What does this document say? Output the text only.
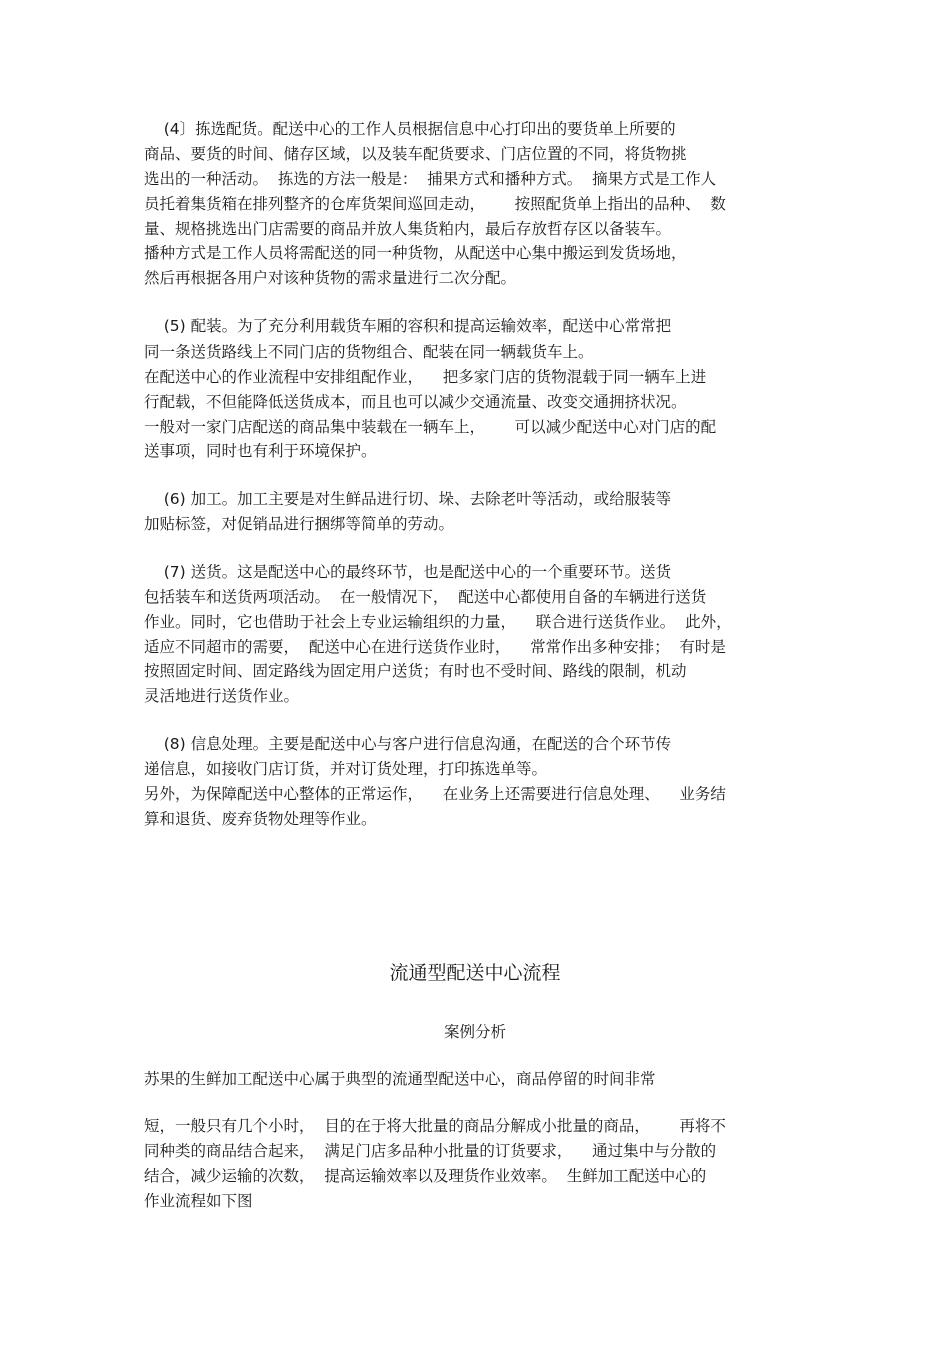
(4〕拣选配货。配送中心的工作人员根据信息中心打印出的要货单上所要的
商品、要货的时间、储存区域，以及装车配货要求、门店位置的不同，将货物挑
选出的一种活动。  拣选的方法一般是：  捕果方式和播种方式。  摘果方式是工作人
员托着集货箱在排列整齐的仓库货架间巡回走动，      按照配货单上指出的品种、  数
量、规格挑选出门店需要的商品并放人集货粕内，最后存放哲存区以备装车。
播种方式是工作人员将需配送的同一种货物，从配送中心集中搬运到发货场地，
然后再根据各用户对该种货物的需求量进行二次分配。
(5) 配装。为了充分利用载货车厢的容积和提高运输效率，配送中心常常把
同一条送货路线上不同门店的货物组合、配装在同一辆载货车上。
在配送中心的作业流程中安排组配作业，    把多家门店的货物混载于同一辆车上进
行配载，不但能降低送货成本，而且也可以减少交通流量、改变交通拥挤状况。
一般对一家门店配送的商品集中装载在一辆车上，      可以减少配送中心对门店的配
送事项，同时也有利于环境保护。
(6) 加工。加工主要是对生鲜品进行切、垛、去除老叶等活动，或给服装等
加贴标签，对促销品进行捆绑等简单的劳动。
(7) 送货。这是配送中心的最终环节，也是配送中心的一个重要环节。送货
包括装车和送货两项活动。  在一般情况下，  配送中心都使用自备的车辆进行送货
作业。同时，它也借助于社会上专业运输组织的力量，    联合进行送货作业。  此外，
适应不同超市的需要，  配送中心在进行送货作业时，    常常作出多种安排；  有时是
按照固定时间、固定路线为固定用户送货；有时也不受时间、路线的限制，机动
灵活地进行送货作业。
(8) 信息处理。主要是配送中心与客户进行信息沟通，在配送的合个环节传
递信息，如接收门店订货，并对订货处理，打印拣选单等。
另外，为保障配送中心整体的正常运作，    在业务上还需要进行信息处理、    业务结
算和退货、废弃货物处理等作业。
流通型配送中心流程
案例分析
苏果的生鲜加工配送中心属于典型的流通型配送中心，商品停留的时间非常
短，一般只有几个小时，  目的在于将大批量的商品分解成小批量的商品，      再将不
同种类的商品结合起来，  满足门店多品种小批量的订货要求，    通过集中与分散的
结合，减少运输的次数，  提高运输效率以及理货作业效率。  生鲜加工配送中心的
作业流程如下图
